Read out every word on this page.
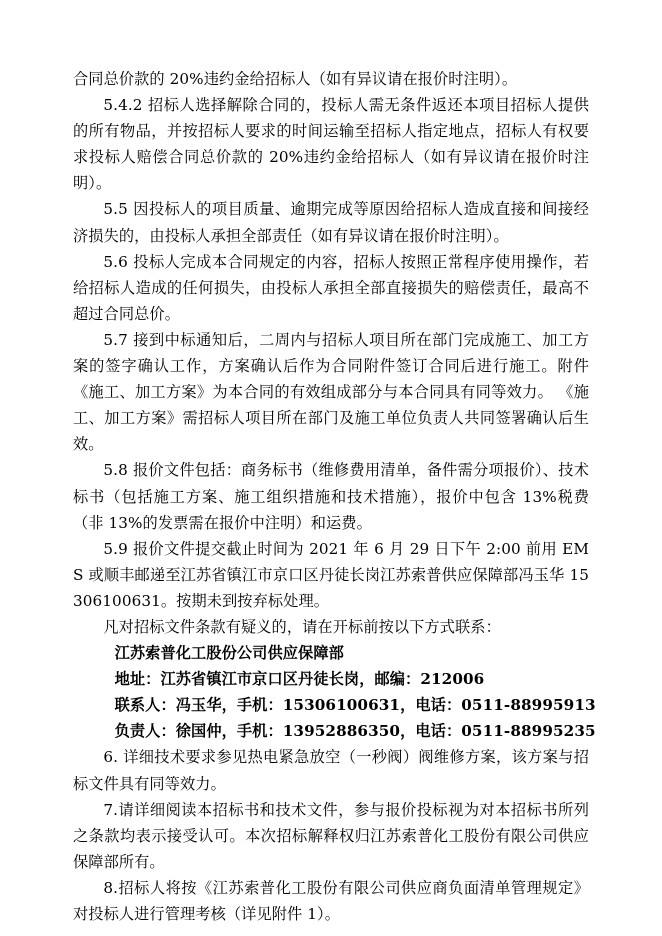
合同总价款的 20%违约金给招标人（如有异议请在报价时注明）。

5.4.2 招标人选择解除合同的，投标人需无条件返还本项目招标人提供的所有物品，并按招标人要求的时间运输至招标人指定地点，招标人有权要求投标人赔偿合同总价款的 20%违约金给招标人（如有异议请在报价时注明）。

5.5 因投标人的项目质量、逾期完成等原因给招标人造成直接和间接经济损失的，由投标人承担全部责任（如有异议请在报价时注明）。

5.6 投标人完成本合同规定的内容，招标人按照正常程序使用操作，若给招标人造成的任何损失，由投标人承担全部直接损失的赔偿责任，最高不超过合同总价。

5.7 接到中标通知后，二周内与招标人项目所在部门完成施工、加工方案的签字确认工作，方案确认后作为合同附件签订合同后进行施工。附件《施工、加工方案》为本合同的有效组成部分与本合同具有同等效力。 《施工、加工方案》需招标人项目所在部门及施工单位负责人共同签署确认后生效。

5.8 报价文件包括：商务标书（维修费用清单，备件需分项报价）、技术标书（包括施工方案、施工组织措施和技术措施），报价中包含 13%税费（非 13%的发票需在报价中注明）和运费。

5.9 报价文件提交截止时间为 2021 年 6 月 29 日下午 2:00 前用 EMS 或顺丰邮递至江苏省镇江市京口区丹徒长岗江苏索普供应保障部冯玉华 15306100631。按期未到按弃标处理。

凡对招标文件条款有疑义的，请在开标前按以下方式联系：

江苏索普化工股份公司供应保障部

地址：江苏省镇江市京口区丹徒长岗，邮编：212006

联系人：冯玉华，手机：15306100631，电话：0511-88995913

负责人：徐国仲，手机：13952886350，电话：0511-88995235

6. 详细技术要求参见热电紧急放空（一秒阀）阀维修方案，该方案与招标文件具有同等效力。

7.请详细阅读本招标书和技术文件，参与报价投标视为对本招标书所列之条款均表示接受认可。本次招标解释权归江苏索普化工股份有限公司供应保障部所有。

8.招标人将按《江苏索普化工股份有限公司供应商负面清单管理规定》对投标人进行管理考核（详见附件 1）。
